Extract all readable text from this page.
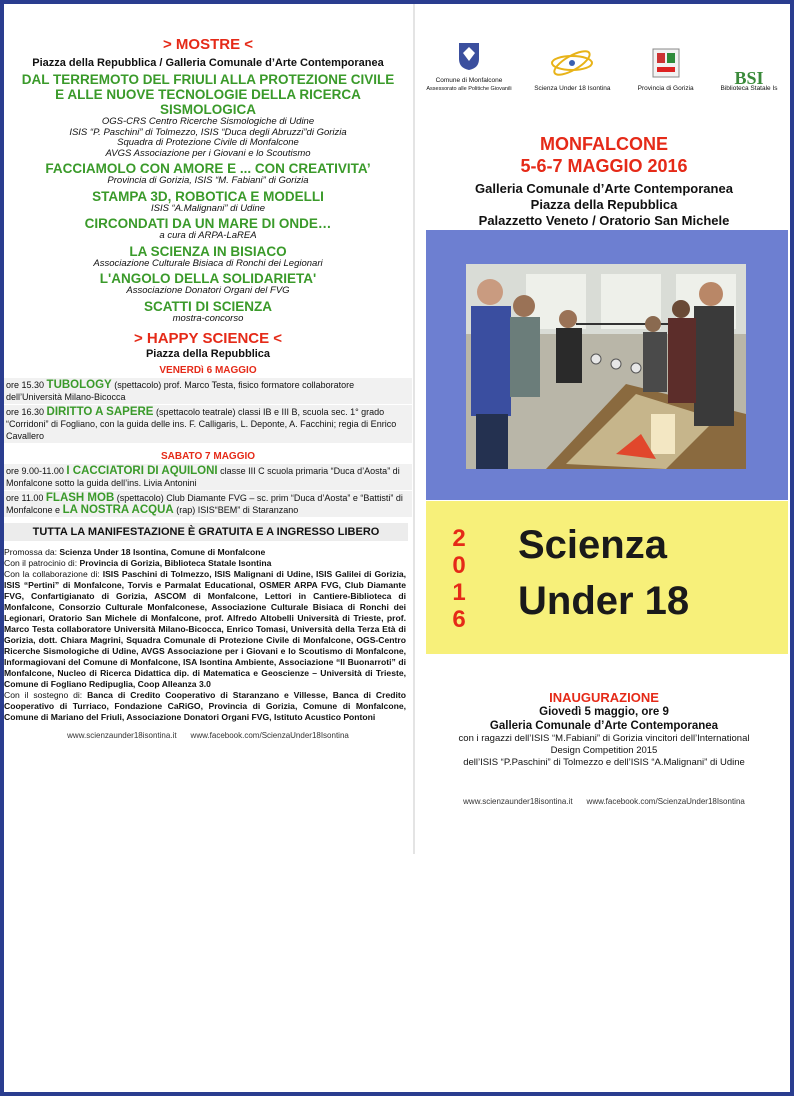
> MOSTRE <
Piazza della Repubblica / Galleria Comunale d’Arte Contemporanea
DAL TERREMOTO DEL FRIULI ALLA PROTEZIONE CIVILE E ALLE NUOVE TECNOLOGIE DELLA RICERCA SISMOLOGICA
OGS-CRS Centro Ricerche Sismologiche di Udine
ISIS “P. Paschini” di Tolmezzo, ISIS “Duca degli Abruzzi”di Gorizia
Squadra di Protezione Civile di Monfalcone
AVGS Associazione per i Giovani e lo Scoutismo
FACCIAMOLO CON AMORE E ... CON CREATIVITA’
Provincia di Gorizia, ISIS “M. Fabiani” di Gorizia
STAMPA 3D, ROBOTICA E MODELLI
ISIS “A.Malignani” di Udine
CIRCONDATI DA UN MARE DI ONDE…
a cura di ARPA-LaREA
LA SCIENZA IN BISIACO
Associazione Culturale Bisiaca di Ronchi dei Legionari
L'ANGOLO DELLA SOLIDARIETA'
Associazione Donatori Organi del FVG
SCATTI DI SCIENZA
mostra-concorso
> HAPPY SCIENCE <
Piazza della Repubblica
VENERDì 6 MAGGIO
ore 15.30 TUBOLOGY (spettacolo) prof. Marco Testa, fisico formatore collaboratore dell’Università Milano-Bicocca
ore 16.30 DIRITTO A SAPERE (spettacolo teatrale) classi IB e III B, scuola sec. 1° grado “Corridoni” di Fogliano, con la guida delle ins. F. Calligaris, L. Deponte, A. Facchini; regia di Enrico Cavallero
SABATO 7 MAGGIO
ore 9.00-11.00 I CACCIATORI DI AQUILONI classe III C scuola primaria “Duca d’Aosta” di Monfalcone sotto la guida dell’ins. Livia Antonini
ore 11.00 FLASH MOB (spettacolo) Club Diamante FVG – sc. prim “Duca d’Aosta” e “Battisti” di Monfalcone e LA NOSTRA ACQUA (rap) ISIS“BEM” di Staranzano
TUTTA LA MANIFESTAZIONE È GRATUITA E A INGRESSO LIBERO
Promossa da: Scienza Under 18 Isontina, Comune di Monfalcone
Con il patrocinio di: Provincia di Gorizia, Biblioteca Statale Isontina
Con la collaborazione di: ISIS Paschini di Tolmezzo, ISIS Malignani di Udine, ISIS Galilei di Gorizia, ISIS “Pertini” di Monfalcone, Torvis e Parmalat Educational, OSMER ARPA FVG, Club Diamante FVG, Confartigianato di Gorizia, ASCOM di Monfalcone, Lettori in Cantiere-Biblioteca di Monfalcone, Consorzio Culturale Monfalconese, Associazione Culturale Bisiaca di Ronchi dei Legionari, Oratorio San Michele di Monfalcone, prof. Alfredo Altobelli Università di Trieste, prof. Marco Testa collaboratore Università Milano-Bicocca, Enrico Tomasi, Università della Terza Età di Gorizia, dott. Chiara Magrini, Squadra Comunale di Protezione Civile di Monfalcone, OGS-Centro Ricerche Sismologiche di Udine, AVGS Associazione per i Giovani e lo Scoutismo di Monfalcone, Informagiovani del Comune di Monfalcone, ISA Isontina Ambiente, Associazione “Il Buonarroti” di Monfalcone, Nucleo di Ricerca Didattica dip. di Matematica e Geoscienze – Università di Trieste, Comune di Fogliano Redipuglia, Coop Alleanza 3.0
Con il sostegno di: Banca di Credito Cooperativo di Staranzano e Villesse, Banca di Credito Cooperativo di Turriaco, Fondazione CaRiGO, Provincia di Gorizia, Comune di Monfalcone, Comune di Mariano del Friuli, Associazione Donatori Organi FVG, Istituto Acustico Pontoni
www.scienzaunder18isontina.it www.facebook.com/ScienzaUnder18Isontina
Comune di Monfalcone
Assessorato alle Politiche Giovanili	Scienza Under 18 Isontina	Provincia di Gorizia
BSI
Biblioteca Statale Is
MONFALCONE
5-6-7 MAGGIO 2016
Galleria Comunale d’Arte Contemporanea
Piazza della Repubblica
Palazzetto Veneto / Oratorio San Michele
2
0
1
6
Scienza
Under 18
INAUGURAZIONE
Giovedì 5 maggio, ore 9
Galleria Comunale d’Arte Contemporanea
con i ragazzi dell’ISIS “M.Fabiani” di Gorizia vincitori dell’International
Design Competition 2015
dell’ISIS “P.Paschini” di Tolmezzo e dell’ISIS “A.Malignani” di Udine
www.scienzaunder18isontina.it www.facebook.com/ScienzaUnder18Isontina
